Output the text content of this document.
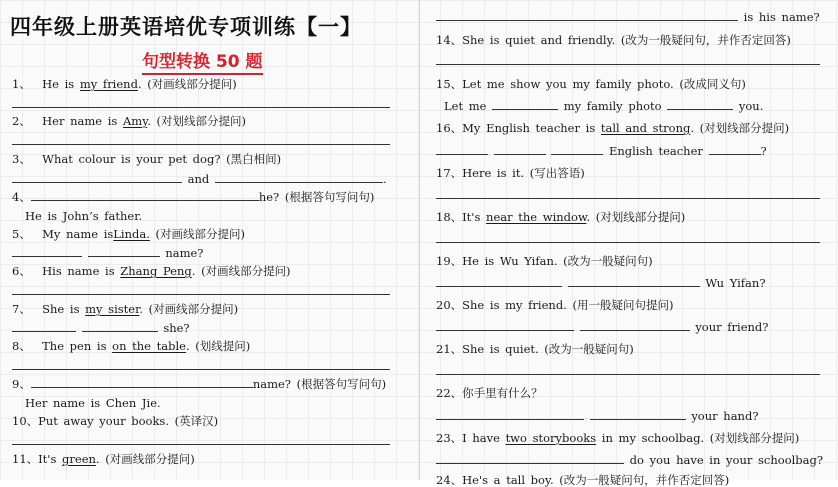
四年级上册英语培优专项训练【一】
句型转换 50 题
1、 He is my friend. (对画线部分提问)
2、 Her name is Amy. (对划线部分提问)
3、 What colour is your pet dog? (黑白相间)
and	.
4、	he? (根据答句写问句)
He is John’s father.
5、 My name isLinda. (对画线部分提问)
name?
6、 His name is Zhang Peng. (对画线部分提问)
7、 She is my sister. (对画线部分提问)
she?
8、 The pen is on the table. (划线提问)
9、	name? (根据答句写问句)
Her name is Chen Jie.
10、Put away your books. (英译汉)
11、It's green. (对画线部分提问)
is his name?
14、She is quiet and friendly. (改为一般疑问句，并作否定回答)
15、Let me show you my family photo. (改成同义句)
Let me	my family photo	you.
16、My English teacher is tall and strong. (对划线部分提问)
English teacher	?
17、Here is it. (写出答语)
18、It's near the window. (对划线部分提问)
19、He is Wu Yifan. (改为一般疑问句)
Wu Yifan?
20、She is my friend. (用一般疑问句提问)
your friend?
21、She is quiet. (改为一般疑问句)
22、你手里有什么？
your hand?
23、I have two storybooks in my schoolbag. (对划线部分提问)
do you have in your schoolbag?
24、He's a tall boy. (改为一般疑问句，并作否定回答)
